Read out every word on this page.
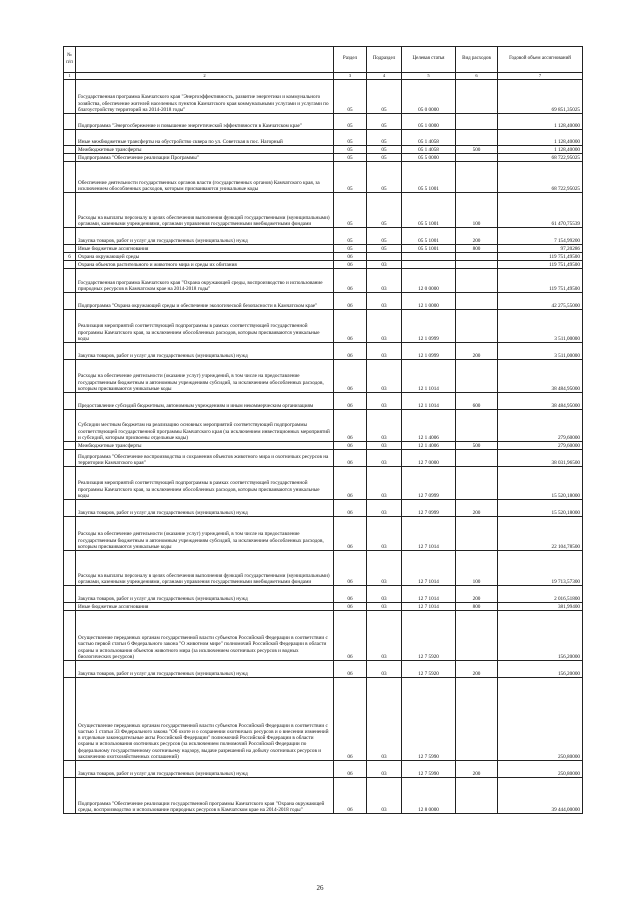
№ п/п		Раздел	Подраздел	Целевая статья	Вид расходов	Годовой объем ассигнований
1	2	3	4	5	6	7
	Государственная программа Камчатского края "Энергоэффективность, развитие энергетики и коммунального хозяйства, обеспечение жителей населенных пунктов Камчатского края коммунальными услугами и услугами по благоустройству территорий на 2014-2018 годы"	05	05	05 0 0000		69 851,35025
	Подпрограмма "Энергосбережение и повышение энергетической эффективности в Камчатском крае"	05	05	05 1 0000		1 128,40000
	Иные межбюджетные трансферты на обустройство сквера по ул. Советская в пос. Нагорный	05	05	05 1 4058		1 128,40000
	Межбюджетные трансферты	05	05	05 1 4058	500	1 128,40000
	Подпрограмма "Обеспечение реализации Программы"	05	05	05 5 0000		68 722,95025
	Обеспечение деятельности государственных органов власти (государственных органов) Камчатского края, за исключением обособленных расходов, которым присваиваются уникальные коды	05	05	05 5 1001		68 722,95025
	Расходы на выплаты персоналу в целях обеспечения выполнения функций государственными (муниципальными) органами, казенными учреждениями, органами управления государственными внебюджетными фондами	05	05	05 5 1001	100	61 470,75539
	Закупка товаров, работ и услуг для государственных (муниципальных) нужд	05	05	05 5 1001	200	7 154,99200
	Иные бюджетные ассигнования	05	05	05 5 1001	800	97,20286
6	Охрана окружающей среды	06				119 751,49500
	Охрана объектов растительного и животного мира и среды их обитания	06	03			119 751,49500
	Государственная программа Камчатского края "Охрана окружающей среды, воспроизводство и использование природных ресурсов в Камчатском крае на 2014-2018 годы"	06	03	12 0 0000		119 751,49500
	Подпрограмма "Охрана окружающей среды и обеспечение экологической безопасности в Камчатском крае"	06	03	12 1 0000		42 275,55000
	Реализация мероприятий соответствующей подпрограммы в рамках соответствующей государственной программы Камчатского края, за исключением обособленных расходов, которым присваиваются уникальные коды	06	03	12 1 0999		3 511,00000
	Закупка товаров, работ и услуг для государственных (муниципальных) нужд	06	03	12 1 0999	200	3 511,00000
	Расходы на обеспечение деятельности (оказание услуг) учреждений, в том числе на предоставление государственным бюджетным и автономным учреждениям субсидий, за исключением обособленных расходов, которым присваиваются уникальные коды	06	03	12 1 1014		38 484,95000
	Предоставление субсидий бюджетным, автономным учреждениям и иным некоммерческим организациям	06	03	12 1 1014	600	38 484,95000
	Субсидии местным бюджетам на реализацию основных мероприятий соответствующей подпрограммы соответствующей государственной программы Камчатского края (за исключением инвестиционных мероприятий и субсидий, которым присвоены отдельные коды)	06	03	12 1 4006		279,60000
	Межбюджетные трансферты	06	03	12 1 4006	500	279,60000
	Подпрограмма "Обеспечение воспроизводства и сохранения объектов животного мира и охотничьих ресурсов на территории Камчатского края"	06	03	12 7 0000		38 031,96500
	Реализация мероприятий соответствующей подпрограммы в рамках соответствующей государственной программы Камчатского края, за исключением обособленных расходов, которым присваиваются уникальные коды	06	03	12 7 0999		15 520,18000
	Закупка товаров, работ и услуг для государственных (муниципальных) нужд	06	03	12 7 0999	200	15 520,18000
	Расходы на обеспечение деятельности (оказание услуг) учреждений, в том числе на предоставление государственным бюджетным и автономным учреждениям субсидий, за исключением обособленных расходов, которым присваиваются уникальные коды	06	03	12 7 1014		22 104,78500
	Расходы на выплаты персоналу в целях обеспечения выполнения функций государственными (муниципальными) органами, казенными учреждениями, органами управления государственными внебюджетными фондами	06	03	12 7 1014	100	19 713,57300
	Закупка товаров, работ и услуг для государственных (муниципальных) нужд	06	03	12 7 1014	200	2 016,51800
	Иные бюджетные ассигнования	06	03	12 7 1014	800	381,99400
	Осуществление переданных органам государственной власти субъектов Российской Федерации в соответствии с частью первой статьи 6 Федерального закона "О животном мире" полномочий Российской Федерации в области охраны и использования объектов животного мира (за исключением охотничьих ресурсов и водных биологических ресурсов)	06	03	12 7 5920		156,20000
	Закупка товаров, работ и услуг для государственных (муниципальных) нужд	06	03	12 7 5920	200	156,20000
	Осуществление переданных органам государственной власти субъектов Российской Федерации в соответствии с частью 1 статьи 33 Федерального закона "Об охоте и о сохранении охотничьих ресурсов и о внесении изменений в отдельные законодательные акты Российской Федерации" полномочий Российской Федерации в области охраны и использования охотничьих ресурсов (за исключением полномочий Российской Федерации по федеральному государственному охотничьему надзору, выдаче разрешений на добычу охотничьих ресурсов и заключению охотхозяйственных соглашений)	06	03	12 7 5990		250,80000
	Закупка товаров, работ и услуг для государственных (муниципальных) нужд	06	03	12 7 5990	200	250,80000
	Подпрограмма "Обеспечение реализации государственной программы Камчатского края "Охрана окружающей среды, воспроизводство и использование природных ресурсов в Камчатском крае на 2014-2018 годы"	06	03	12 8 0000		39 444,00000
26
